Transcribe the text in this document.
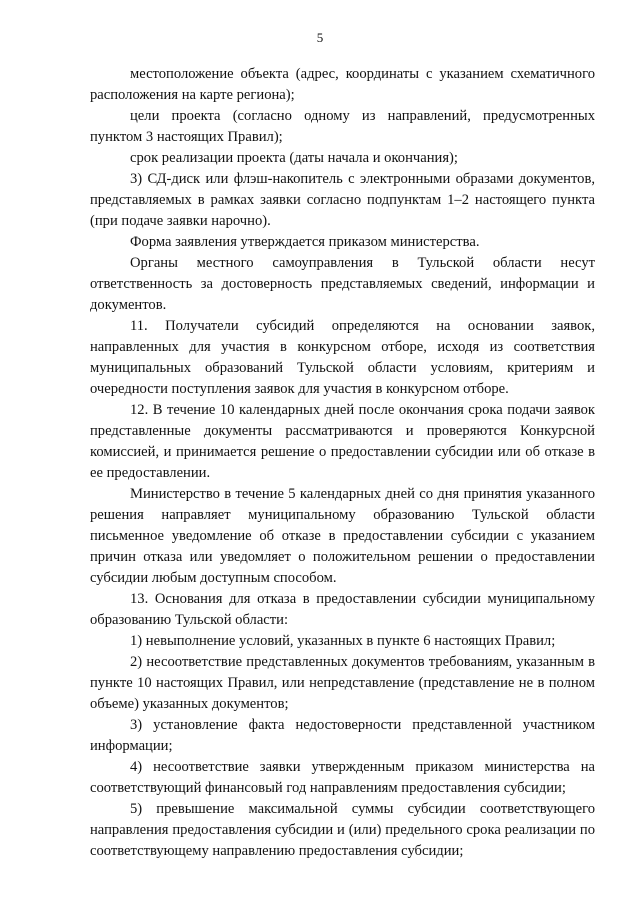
5

местоположение объекта (адрес, координаты с указанием схематичного расположения на карте региона);

цели проекта (согласно одному из направлений, предусмотренных пунктом 3 настоящих Правил);

срок реализации проекта (даты начала и окончания);

3) СД-диск или флэш-накопитель с электронными образами документов, представляемых в рамках заявки согласно подпунктам 1–2 настоящего пункта (при подаче заявки нарочно).

Форма заявления утверждается приказом министерства.

Органы местного самоуправления в Тульской области несут ответственность за достоверность представляемых сведений, информации и документов.

11. Получатели субсидий определяются на основании заявок, направленных для участия в конкурсном отборе, исходя из соответствия муниципальных образований Тульской области условиям, критериям и очередности поступления заявок для участия в конкурсном отборе.

12. В течение 10 календарных дней после окончания срока подачи заявок представленные документы рассматриваются и проверяются Конкурсной комиссией, и принимается решение о предоставлении субсидии или об отказе в ее предоставлении.

Министерство в течение 5 календарных дней со дня принятия указанного решения направляет муниципальному образованию Тульской области письменное уведомление об отказе в предоставлении субсидии с указанием причин отказа или уведомляет о положительном решении о предоставлении субсидии любым доступным способом.

13. Основания для отказа в предоставлении субсидии муниципальному образованию Тульской области:

1) невыполнение условий, указанных в пункте 6 настоящих Правил;

2) несоответствие представленных документов требованиям, указанным в пункте 10 настоящих Правил, или непредставление (представление не в полном объеме) указанных документов;

3) установление факта недостоверности представленной участником информации;

4) несоответствие заявки утвержденным приказом министерства на соответствующий финансовый год направлениям предоставления субсидии;

5) превышение максимальной суммы субсидии соответствующего направления предоставления субсидии и (или) предельного срока реализации по соответствующему направлению предоставления субсидии;
